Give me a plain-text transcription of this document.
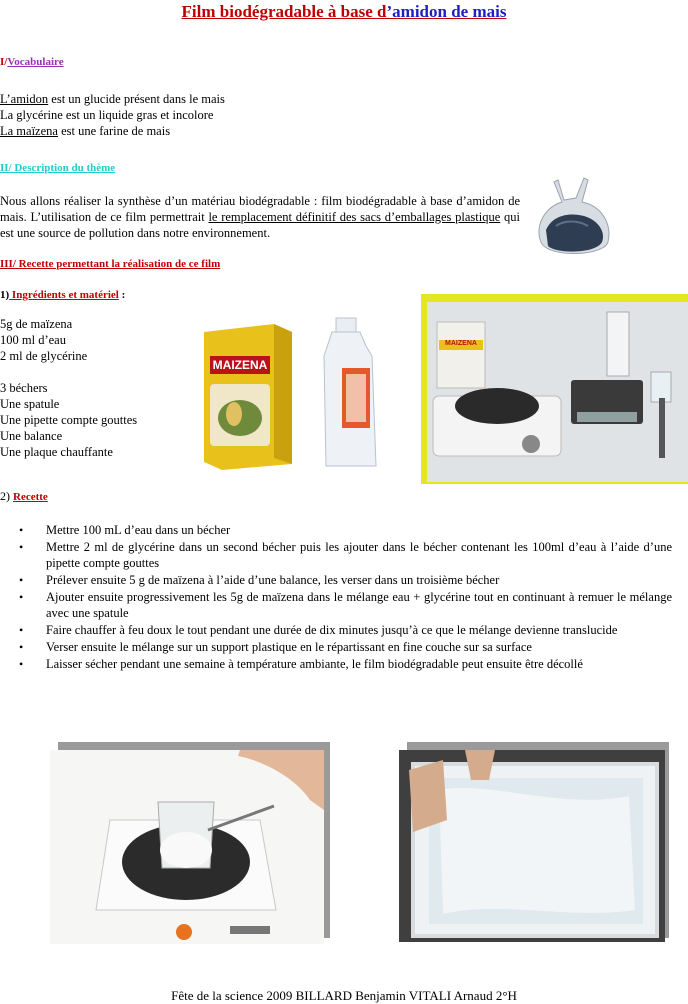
Film biodégradable à base d’amidon de mais
I/Vocabulaire
L’amidon est un glucide présent dans le mais
La glycérine est un liquide gras et incolore
La maïzena est une farine de mais
II/ Description du thème
Nous allons réaliser la synthèse d’un matériau biodégradable : film biodégradable à base d’amidon de mais. L’utilisation de ce film permettrait le remplacement définitif des sacs d’emballages plastique qui est une source de pollution dans notre environnement.
III/ Recette permettant la réalisation de ce film
1) Ingrédients et matériel :
5g de maïzena
100 ml d’eau
2 ml de glycérine
3 béchers
Une spatule
Une pipette compte gouttes
Une balance
Une plaque chauffante
MAIZENA
MAIZENA
2) Recette
• Mettre 100 mL d’eau dans un bécher
• Mettre 2 ml de glycérine dans un second bécher puis les ajouter dans le bécher contenant les 100ml d’eau à l’aide d’une pipette compte gouttes
• Prélever ensuite 5 g de maïzena à l’aide d’une balance, les verser dans un troisième bécher
• Ajouter ensuite progressivement les 5g de maïzena dans le mélange eau + glycérine tout en continuant à remuer le mélange avec une spatule
• Faire chauffer à feu doux le tout pendant une durée de dix minutes jusqu’à ce que le mélange devienne translucide
• Verser ensuite le mélange sur un support plastique en le répartissant en fine couche sur sa surface
• Laisser sécher pendant une semaine à température ambiante, le film biodégradable peut ensuite être décollé
Fête de la science 2009 BILLARD Benjamin VITALI Arnaud 2°H
